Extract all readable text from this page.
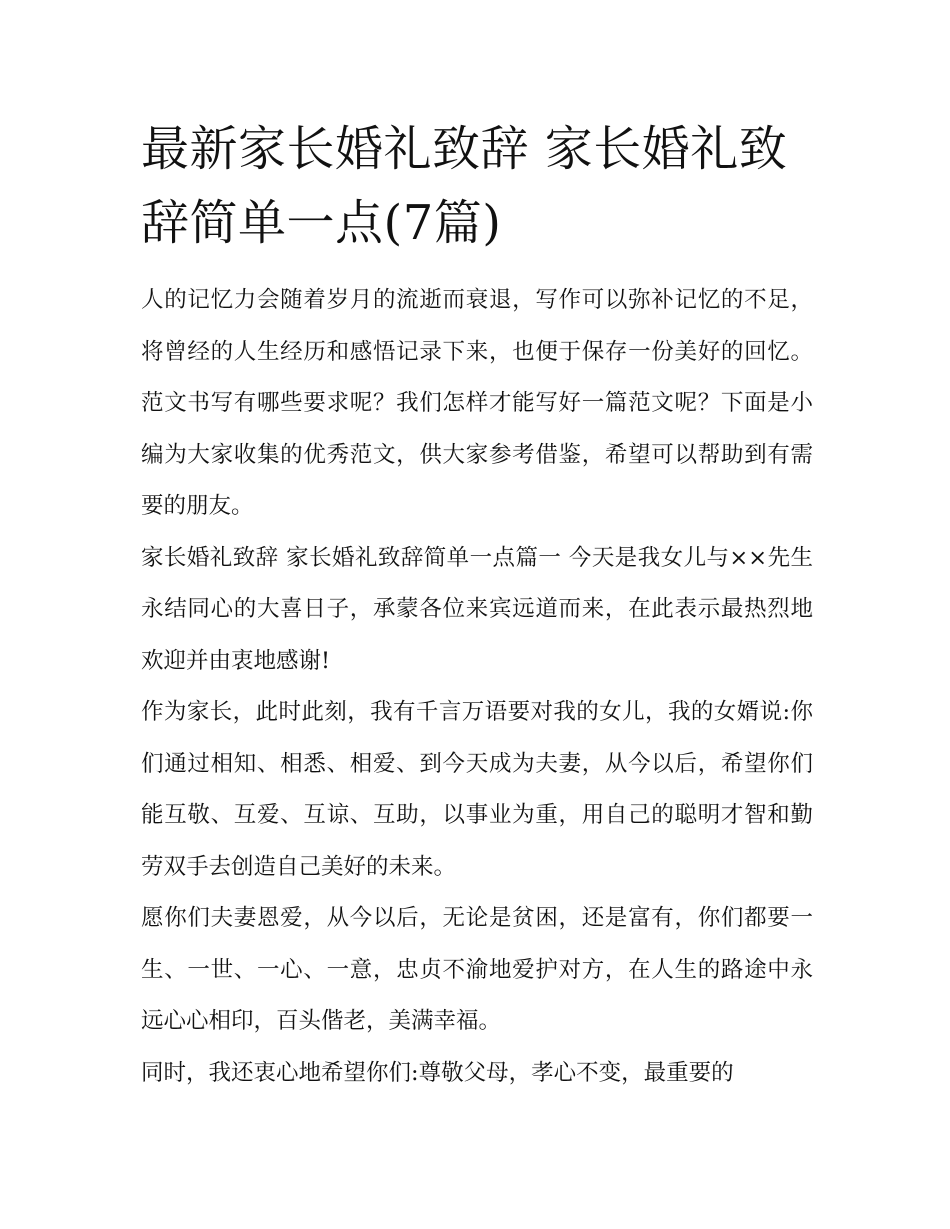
最新家长婚礼致辞 家长婚礼致辞简单一点(7篇)

人的记忆力会随着岁月的流逝而衰退，写作可以弥补记忆的不足，将曾经的人生经历和感悟记录下来，也便于保存一份美好的回忆。范文书写有哪些要求呢？我们怎样才能写好一篇范文呢？下面是小编为大家收集的优秀范文，供大家参考借鉴，希望可以帮助到有需要的朋友。

家长婚礼致辞 家长婚礼致辞简单一点篇一 今天是我女儿与××先生永结同心的大喜日子，承蒙各位来宾远道而来，在此表示最热烈地欢迎并由衷地感谢!

作为家长，此时此刻，我有千言万语要对我的女儿，我的女婿说:你们通过相知、相悉、相爱、到今天成为夫妻，从今以后，希望你们能互敬、互爱、互谅、互助，以事业为重，用自己的聪明才智和勤劳双手去创造自己美好的未来。

愿你们夫妻恩爱，从今以后，无论是贫困，还是富有，你们都要一生、一世、一心、一意，忠贞不渝地爱护对方，在人生的路途中永远心心相印，百头偕老，美满幸福。

同时，我还衷心地希望你们:尊敬父母，孝心不变，最重要的
